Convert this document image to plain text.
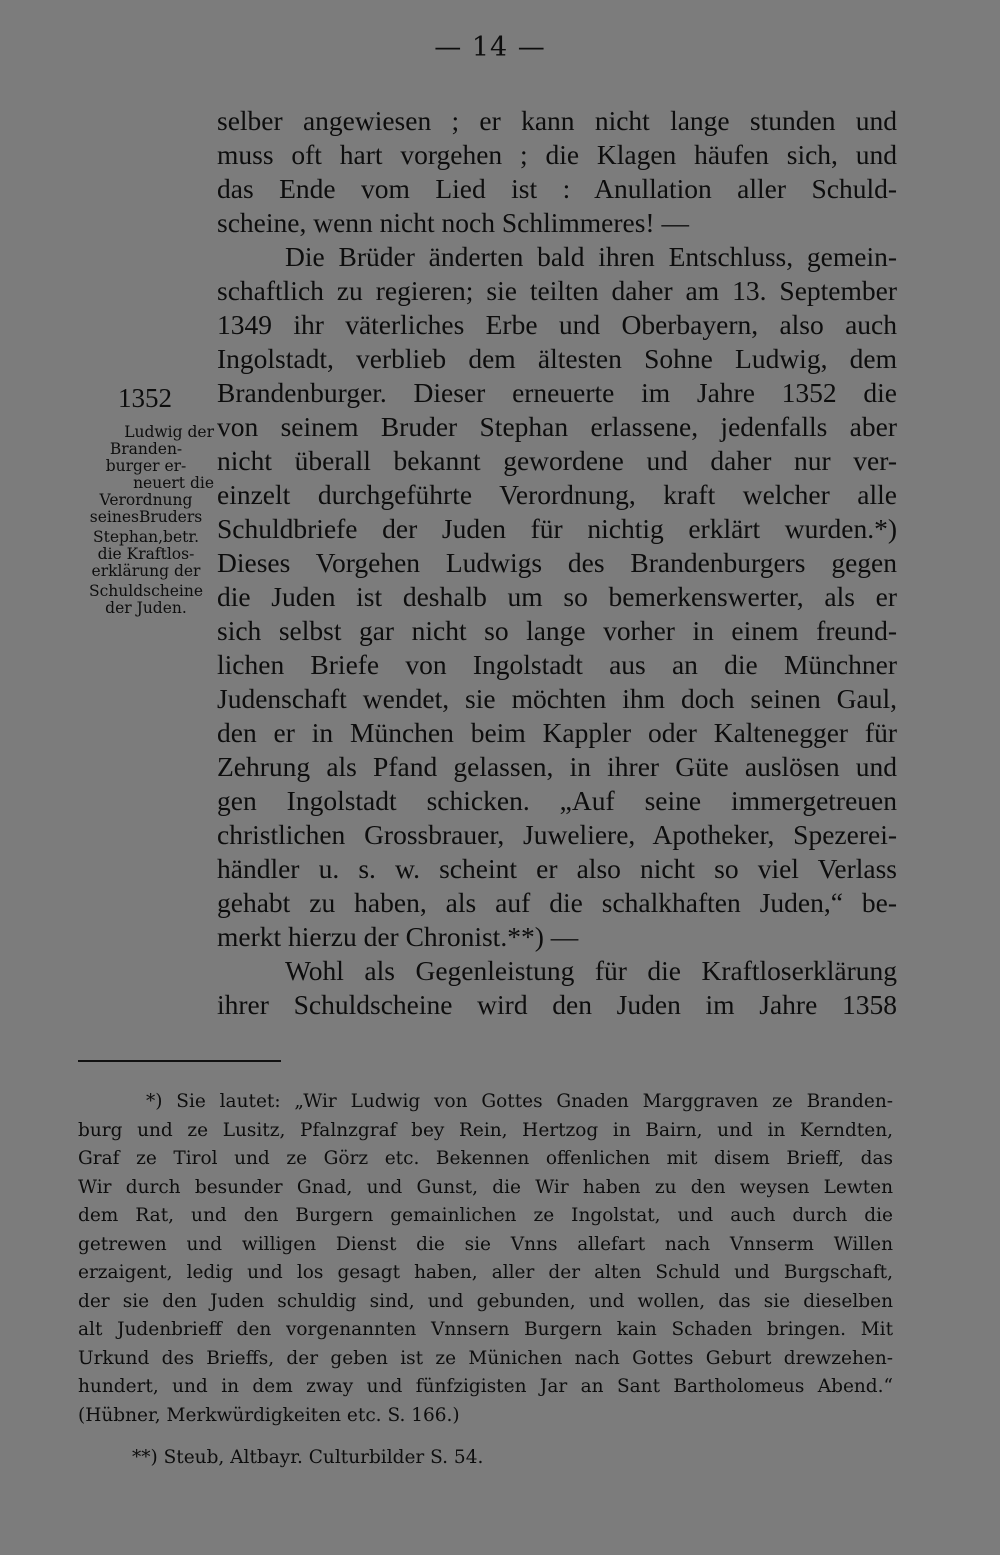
— 14 —
selber angewiesen ; er kann nicht lange stunden und
muss oft hart vorgehen ; die Klagen häufen sich, und
das Ende vom Lied ist : Anullation aller Schuld-
scheine, wenn nicht noch Schlimmeres! —
Die Brüder änderten bald ihren Entschluss, gemein-
schaftlich zu regieren; sie teilten daher am 13. September
1349 ihr väterliches Erbe und Oberbayern, also auch
Ingolstadt, verblieb dem ältesten Sohne Ludwig, dem
Brandenburger. Dieser erneuerte im Jahre 1352 die
von seinem Bruder Stephan erlassene, jedenfalls aber
nicht überall bekannt gewordene und daher nur ver-
einzelt durchgeführte Verordnung, kraft welcher alle
Schuldbriefe der Juden für nichtig erklärt wurden.*)
Dieses Vorgehen Ludwigs des Brandenburgers gegen
die Juden ist deshalb um so bemerkenswerter, als er
sich selbst gar nicht so lange vorher in einem freund-
lichen Briefe von Ingolstadt aus an die Münchner
Judenschaft wendet, sie möchten ihm doch seinen Gaul,
den er in München beim Kappler oder Kaltenegger für
Zehrung als Pfand gelassen, in ihrer Güte auslösen und
gen Ingolstadt schicken. „Auf seine immergetreuen
christlichen Grossbrauer, Juweliere, Apotheker, Spezerei-
händler u. s. w. scheint er also nicht so viel Verlass
gehabt zu haben, als auf die schalkhaften Juden,“ be-
merkt hierzu der Chronist.**) —
Wohl als Gegenleistung für die Kraftloserklärung
ihrer Schuldscheine wird den Juden im Jahre 1358
1352
Ludwig der
Branden-
burger er-
neuert die
Verordnung
seinesBruders
Stephan,betr.
die Kraftlos-
erklärung der
Schuldscheine
der Juden.
*) Sie lautet: „Wir Ludwig von Gottes Gnaden Marggraven ze Branden-
burg und ze Lusitz, Pfalnzgraf bey Rein, Hertzog in Bairn, und in Kerndten,
Graf ze Tirol und ze Görz etc. Bekennen offenlichen mit disem Brieff, das
Wir durch besunder Gnad, und Gunst, die Wir haben zu den weysen Lewten
dem Rat, und den Burgern gemainlichen ze Ingolstat, und auch durch die
getrewen und willigen Dienst die sie Vnns allefart nach Vnnserm Willen
erzaigent, ledig und los gesagt haben, aller der alten Schuld und Burgschaft,
der sie den Juden schuldig sind, und gebunden, und wollen, das sie dieselben
alt Judenbrieff den vorgenannten Vnnsern Burgern kain Schaden bringen. Mit
Urkund des Brieffs, der geben ist ze Münichen nach Gottes Geburt drewzehen-
hundert, und in dem zway und fünfzigisten Jar an Sant Bartholomeus Abend.“
(Hübner, Merkwürdigkeiten etc. S. 166.)
**) Steub, Altbayr. Culturbilder S. 54.
